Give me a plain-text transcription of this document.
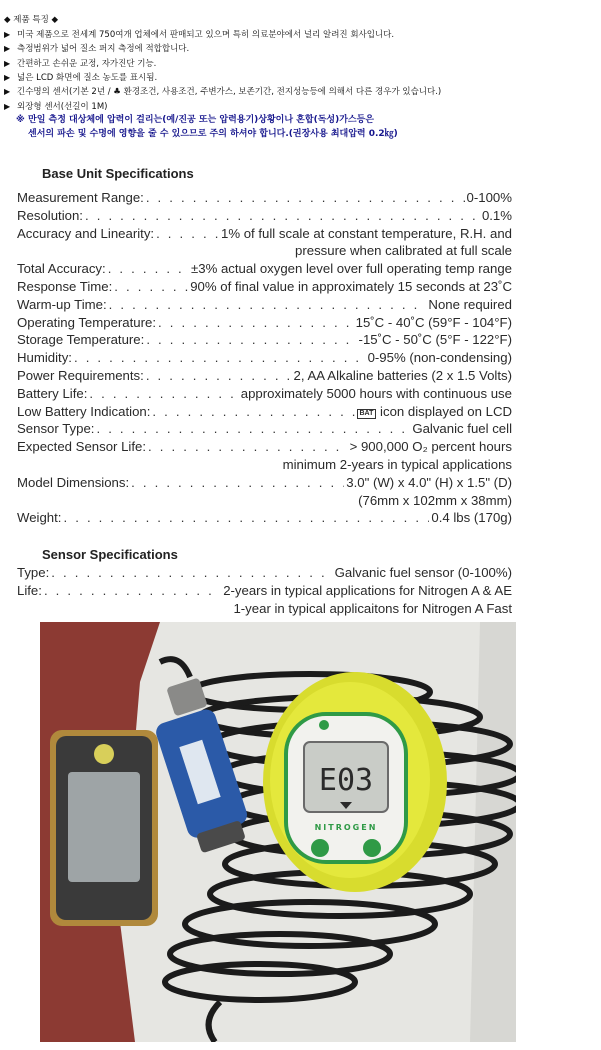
◆ 제품 특징 ◆
▶ 미국 제품으로 전세계 750여개 업체에서 판매되고 있으며 특히 의료분야에서 널리 알려진 회사입니다.
▶ 측정범위가 넓어 질소 퍼지 측정에 적합합니다.
▶ 간편하고 손쉬운 교정, 자가진단 기능.
▶ 넓은 LCD 화면에 질소 농도를 표시됨.
▶ 긴수명의 센서(기본 2년 / ♣ 환경조건, 사용조건, 주변가스, 보존기간, 전지성능등에 의해서 다른 경우가 있습니다.)
▶ 외장형 센서(선길이 1M)
※ 만일 측정 대상체에 압력이 걸리는(예/진공 또는 압력용기)상황이나 혼합(독성)가스등은
센서의 파손 및 수명에 영향을 줄 수 있으므로 주의 하셔야 합니다.(권장사용 최대압력 0.2㎏)
Base Unit Specifications
Measurement Range: . . .	0-100%
Resolution: . . .	0.1%
Accuracy and Linearity: . . .	1% of full scale at constant temperature, R.H. and
pressure when calibrated at full scale
Total Accuracy: . . .	±3% actual oxygen level over full operating temp range
Response Time: . . .	90% of final value in approximately 15 seconds at 23˚C
Warm-up Time: . . .	None required
Operating Temperature: . . .	15˚C - 40˚C (59°F - 104°F)
Storage Temperature: . . .	-15˚C - 50˚C (5°F - 122°F)
Humidity: . . .	0-95% (non-condensing)
Power Requirements: . . .	2, AA Alkaline batteries (2 x 1.5 Volts)
Battery Life: . . .	approximately 5000 hours with continuous use
Low Battery Indication: . . .	BAT icon displayed on LCD
Sensor Type: . . .	Galvanic fuel cell
Expected Sensor Life: . . .	> 900,000 O₂ percent hours
minimum 2-years in typical applications
Model Dimensions: . . .	3.0" (W) x 4.0" (H) x 1.5" (D)
(76mm x 102mm x 38mm)
Weight: . . .	0.4 lbs (170g)
Sensor Specifications
Type: . . .	Galvanic fuel sensor (0-100%)
Life: . . .	2-years in typical applications for Nitrogen A & AE
1-year in typical applicaitons for Nitrogen A Fast
E03
NITROGEN
